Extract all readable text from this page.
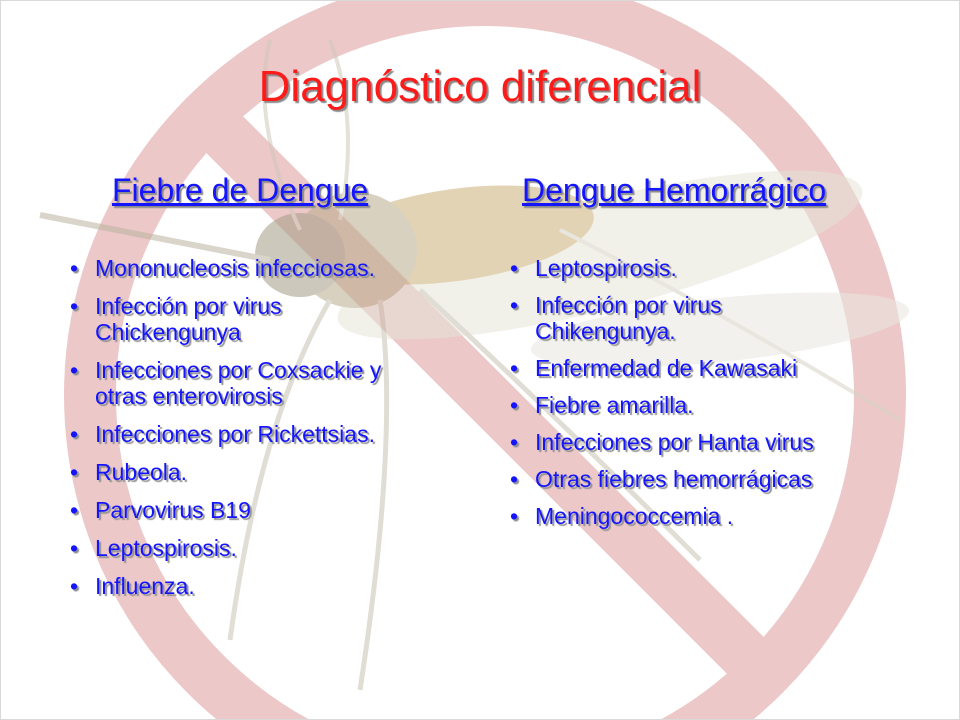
Diagnóstico diferencial
Fiebre de Dengue	Dengue Hemorrágico
• Mononucleosis infecciosas.
• Infección por virus
Chickengunya
• Infecciones por Coxsackie y
otras enterovirosis
• Infecciones por Rickettsias.
• Rubeola.
• Parvovirus B19
• Leptospirosis.
• Influenza.
• Leptospirosis.
• Infección por virus
Chikengunya.
• Enfermedad de Kawasaki
• Fiebre amarilla.
• Infecciones por Hanta virus
• Otras fiebres hemorrágicas
• Meningococcemia .
